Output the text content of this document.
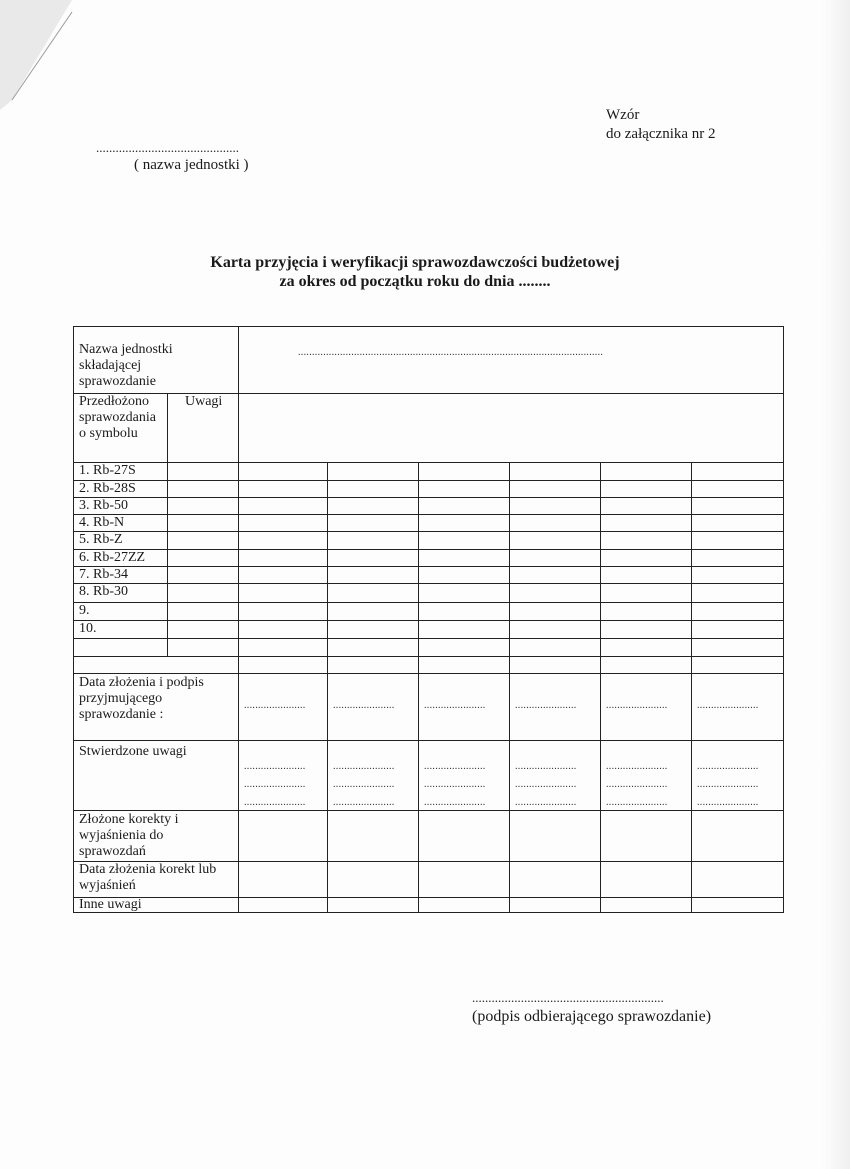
Wzór
do załącznika nr 2
............................................
( nazwa jednostki )
Karta przyjęcia i weryfikacji sprawozdawczości budżetowej
za okres od początku roku do dnia ........
Nazwa jednostki
składającej
sprawozdanie
.............................................................................................................
Przedłożono
sprawozdania
o symbolu
Uwagi
1. Rb-27S
2. Rb-28S
3. Rb-50
4. Rb-N
5. Rb-Z
6. Rb-27ZZ
7. Rb-34
8. Rb-30
9.
10.
Data złożenia i podpis
przyjmującego
sprawozdanie :
Stwierdzone uwagi
Złożone korekty i
wyjaśnienia do
sprawozdań
Data złożenia korekt lub
wyjaśnień
Inne uwagi
......................
......................
......................
......................
......................
......................
......................
......................
......................
......................
......................
......................
......................
......................
......................
......................
......................
......................
......................
......................
......................
......................
......................
......................
...........................................................
(podpis odbierającego sprawozdanie)
